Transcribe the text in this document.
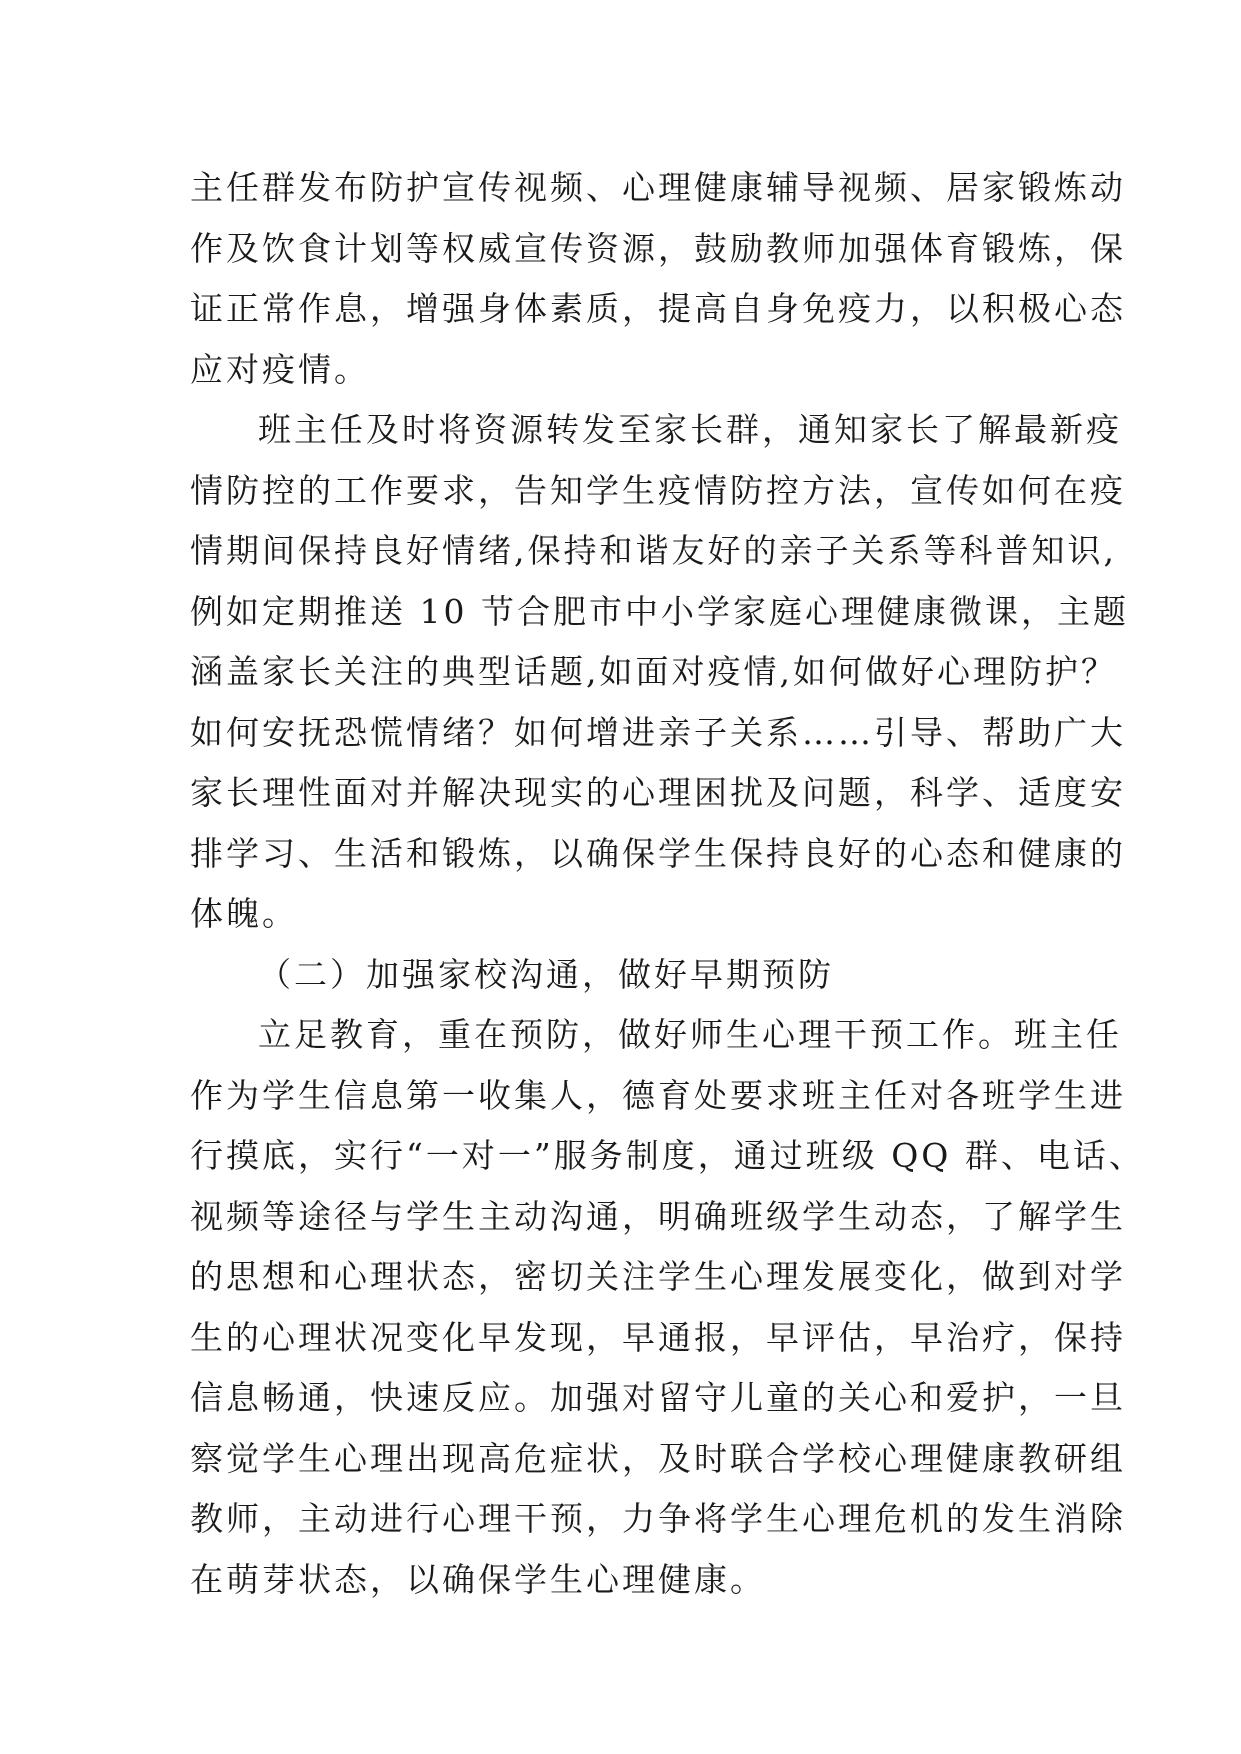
主任群发布防护宣传视频、心理健康辅导视频、居家锻炼动
作及饮食计划等权威宣传资源，鼓励教师加强体育锻炼，保
证正常作息，增强身体素质，提高自身免疫力，以积极心态
应对疫情。
班主任及时将资源转发至家长群，通知家长了解最新疫
情防控的工作要求，告知学生疫情防控方法，宣传如何在疫
情期间保持良好情绪,保持和谐友好的亲子关系等科普知识,
例如定期推送 10 节合肥市中小学家庭心理健康微课，主题
涵盖家长关注的典型话题,如面对疫情,如何做好心理防护？
如何安抚恐慌情绪？如何增进亲子关系……引导、帮助广大
家长理性面对并解决现实的心理困扰及问题，科学、适度安
排学习、生活和锻炼，以确保学生保持良好的心态和健康的
体魄。
（二）加强家校沟通，做好早期预防
立足教育，重在预防，做好师生心理干预工作。班主任
作为学生信息第一收集人，德育处要求班主任对各班学生进
行摸底，实行“一对一”服务制度，通过班级 QQ 群、电话、
视频等途径与学生主动沟通，明确班级学生动态，了解学生
的思想和心理状态，密切关注学生心理发展变化，做到对学
生的心理状况变化早发现，早通报，早评估，早治疗，保持
信息畅通，快速反应。加强对留守儿童的关心和爱护，一旦
察觉学生心理出现高危症状，及时联合学校心理健康教研组
教师，主动进行心理干预，力争将学生心理危机的发生消除
在萌芽状态，以确保学生心理健康。
